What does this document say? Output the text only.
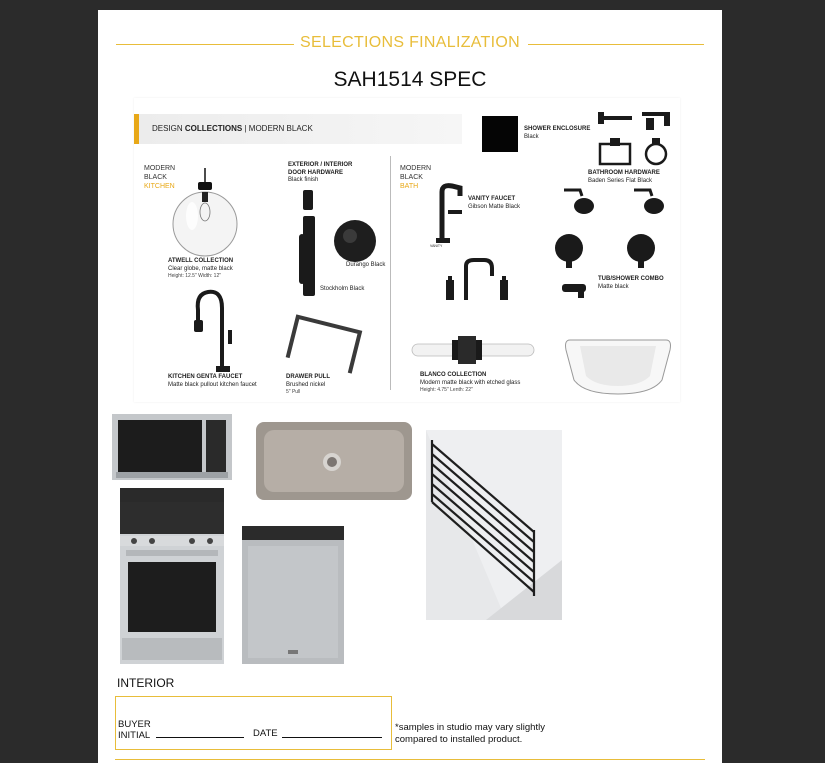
SELECTIONS FINALIZATION
SAH1514 SPEC
DESIGN COLLECTIONS | MODERN BLACK
MODERN
BLACK
KITCHEN
ATWELL COLLECTION
Clear globe, matte black
Height: 12.5" Width: 12"
KITCHEN GENTA FAUCET
Matte black pullout kitchen faucet
EXTERIOR / INTERIOR
DOOR HARDWARE
Black finish
Durango Black
Stockholm Black
DRAWER PULL
Brushed nickel
5" Pull
MODERN
BLACK
BATH
VANITY
VANITY FAUCET
Gibson Matte Black
BLANCO COLLECTION
Modern matte black with etched glass
Height: 4.75" Lenth: 22"
SHOWER ENCLOSURE
Black
BATHROOM HARDWARE
Baden Series Flat Black
TUB/SHOWER COMBO
Matte black
INTERIOR
BUYER
INITIAL	DATE
*samples in studio may vary slightly
compared to installed product.
